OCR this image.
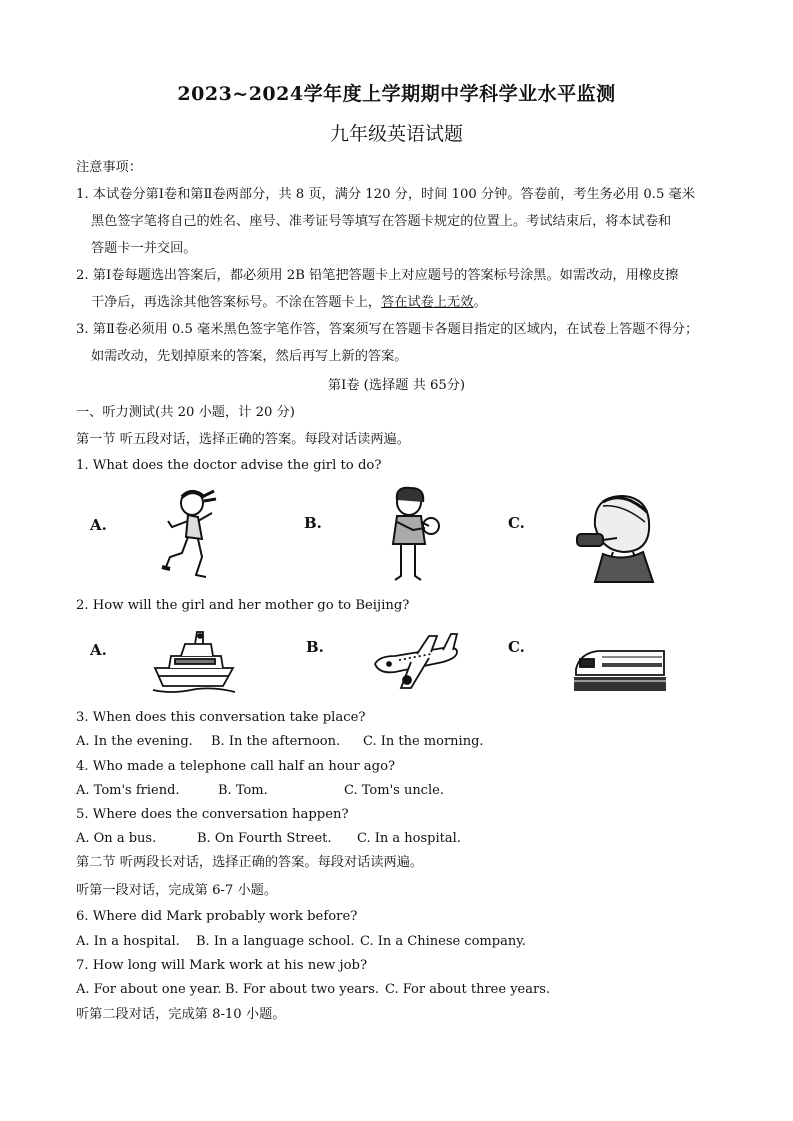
2023~2024学年度上学期期中学科学业水平监测
九年级英语试题
注意事项：
1. 本试卷分第Ⅰ卷和第Ⅱ卷两部分，共 8 页，满分 120 分，时间 100 分钟。答卷前，考生务必用 0.5 毫米
黑色签字笔将自己的姓名、座号、准考证号等填写在答题卡规定的位置上。考试结束后，将本试卷和
答题卡一并交回。
2. 第Ⅰ卷每题选出答案后，都必须用 2B 铅笔把答题卡上对应题号的答案标号涂黑。如需改动，用橡皮擦
干净后，再选涂其他答案标号。不涂在答题卡上，答在试卷上无效。
3. 第Ⅱ卷必须用 0.5 毫米黑色签字笔作答，答案须写在答题卡各题目指定的区域内，在试卷上答题不得分；
如需改动，先划掉原来的答案，然后再写上新的答案。
第Ⅰ卷 (选择题 共 65分)
一、听力测试(共 20 小题，计 20 分)
第一节 听五段对话，选择正确的答案。每段对话读两遍。
1. What does the doctor advise the girl to do?
A.	B.	C.
2. How will the girl and her mother go to Beijing?
A.	B.	C.
3. When does this conversation take place?
A. In the evening. B. In the afternoon. C. In the morning.
4. Who made a telephone call half an hour ago?
A. Tom's friend.	B. Tom.	C. Tom's uncle.
5. Where does the conversation happen?
A. On a bus.	B. On Fourth Street. C. In a hospital.
第二节 听两段长对话，选择正确的答案。每段对话读两遍。
听第一段对话，完成第 6-7 小题。
6. Where did Mark probably work before?
A. In a hospital. B. In a language school. C. In a Chinese company.
7. How long will Mark work at his new job?
A. For about one year. B. For about two years. C. For about three years.
听第二段对话，完成第 8-10 小题。
